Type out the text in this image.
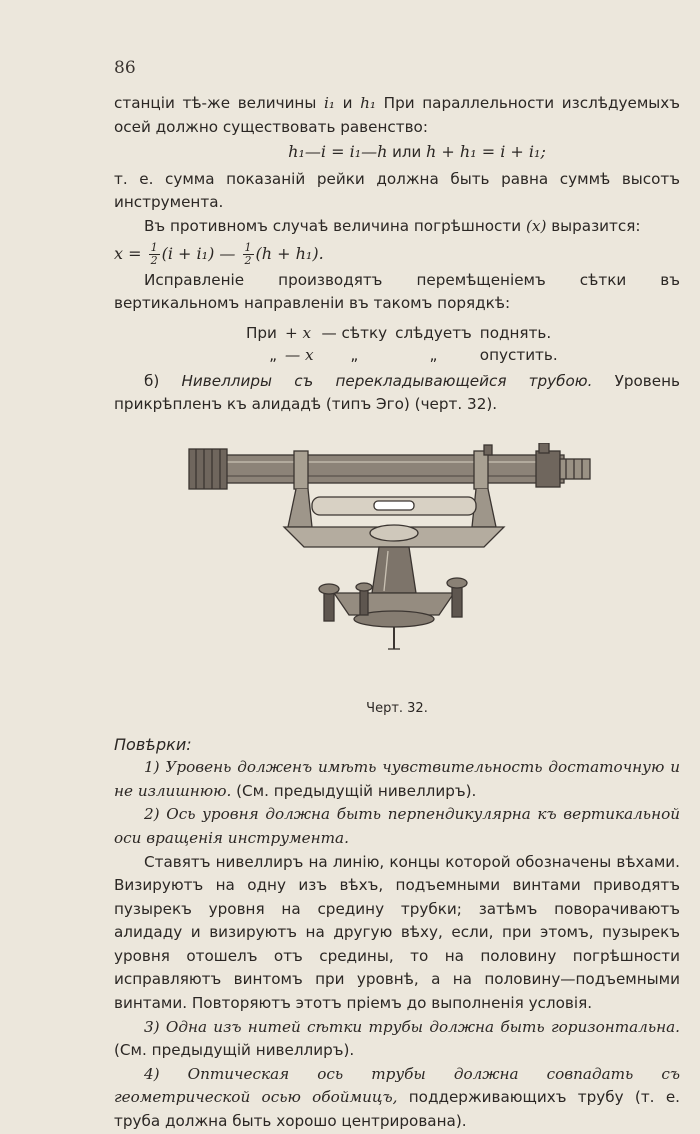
86

станціи тѣ-же величины i₁ и h₁ При параллельности изслѣдуемыхъ осей должно существовать равенство:

h₁—i = i₁—h или h + h₁ = i + i₁;

т. е. сумма показаній рейки должна быть равна суммѣ высотъ инструмента.

Въ противномъ случаѣ величина погрѣшности (x) выразится:

$x = \frac{1}{2} (i + i_1)$ — $\frac{1}{2} (h + h_1)$.

Исправленіе производятъ перемѣщеніемъ сѣтки въ вертикальномъ направленіи въ такомъ порядкѣ:

При	+ x	— сѣтку	слѣдуетъ	поднять.
„	— x	„	„	опустить.

б) Нивеллиры съ перекладывающейся трубою. Уровень прикрѣпленъ къ алидадѣ (типъ Эго) (черт. 32).

Черт. 32.

Повѣрки:

1) Уровень долженъ имѣть чувствительность достаточную и не излишнюю. (См. предыдущій нивеллиръ).

2) Ось уровня должна быть перпендикулярна къ вертикальной оси вращенія инструмента.

Ставятъ нивеллиръ на линію, концы которой обозначены вѣхами. Визируютъ на одну изъ вѣхъ, подъемными винтами приводятъ пузырекъ уровня на средину трубки; затѣмъ поворачиваютъ алидаду и визируютъ на другую вѣху, если, при этомъ, пузырекъ уровня отошелъ отъ средины, то на половину погрѣшности исправляютъ винтомъ при уровнѣ, а на половину—подъемными винтами. Повторяютъ этотъ пріемъ до выполненія условія.

3) Одна изъ нитей сѣтки трубы должна быть горизонтальна. (См. предыдущій нивеллиръ).

4) Оптическая ось трубы должна совпадать съ геометрической осью обоймицъ, поддерживающихъ трубу (т. е. труба должна быть хорошо центрирована).
